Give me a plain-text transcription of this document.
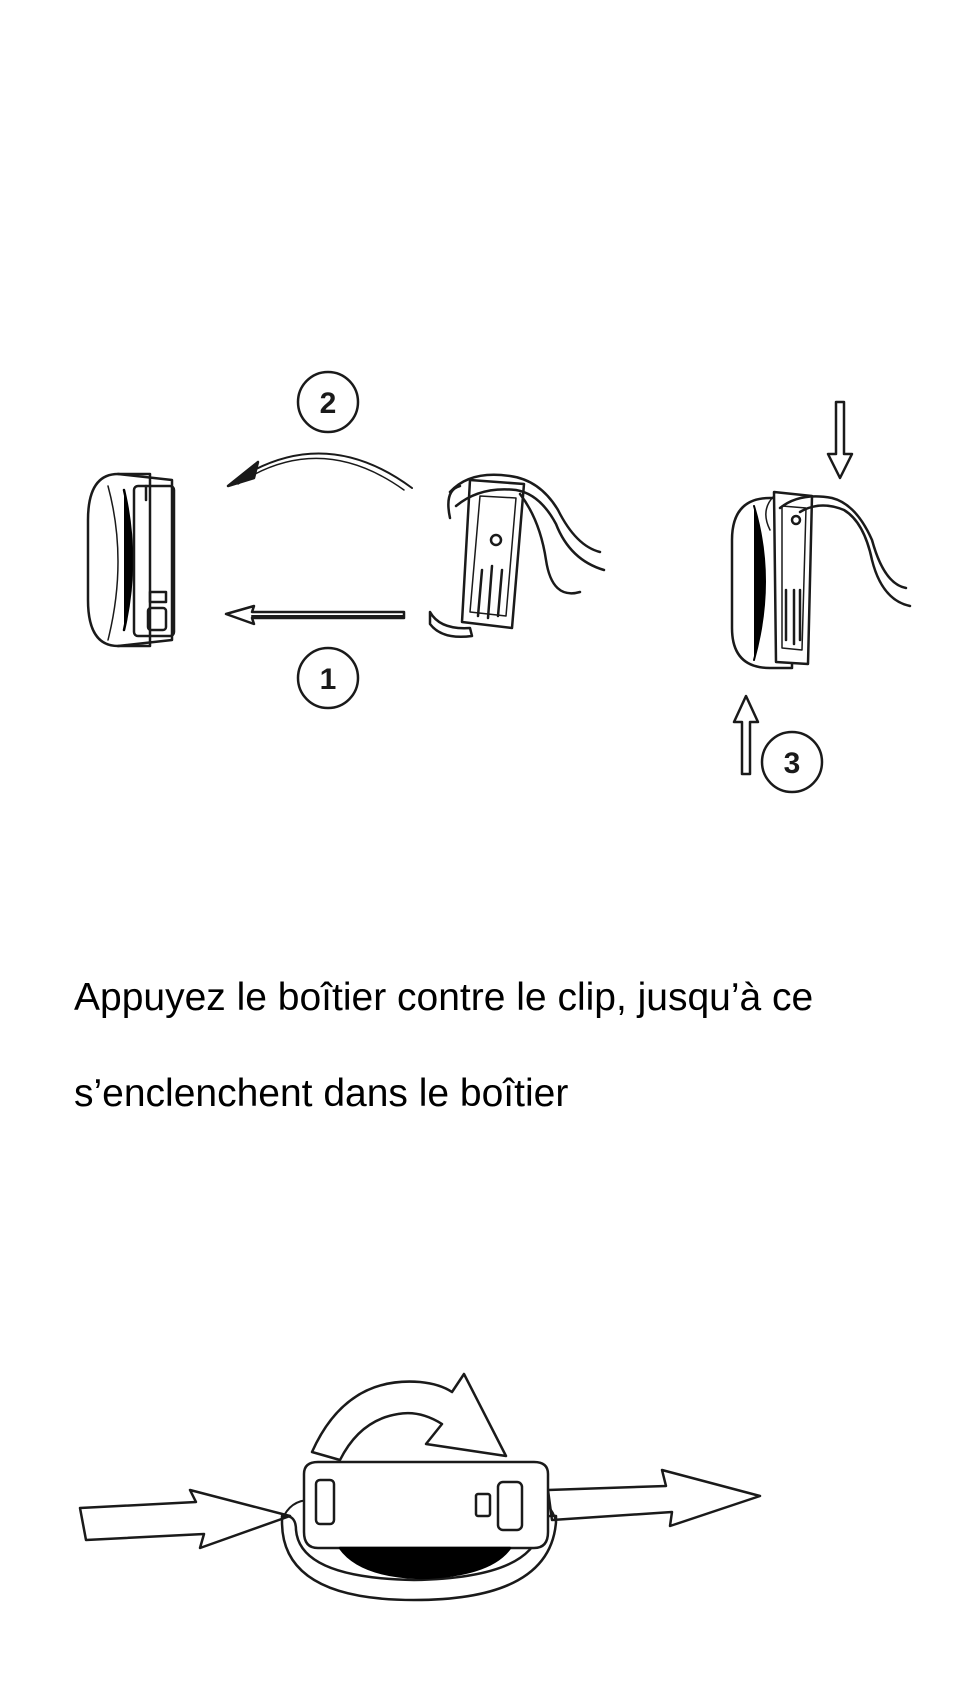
2
1
3

Appuyez le boîtier contre le clip, jusqu’à ce
s’enclenchent dans le boîtier
